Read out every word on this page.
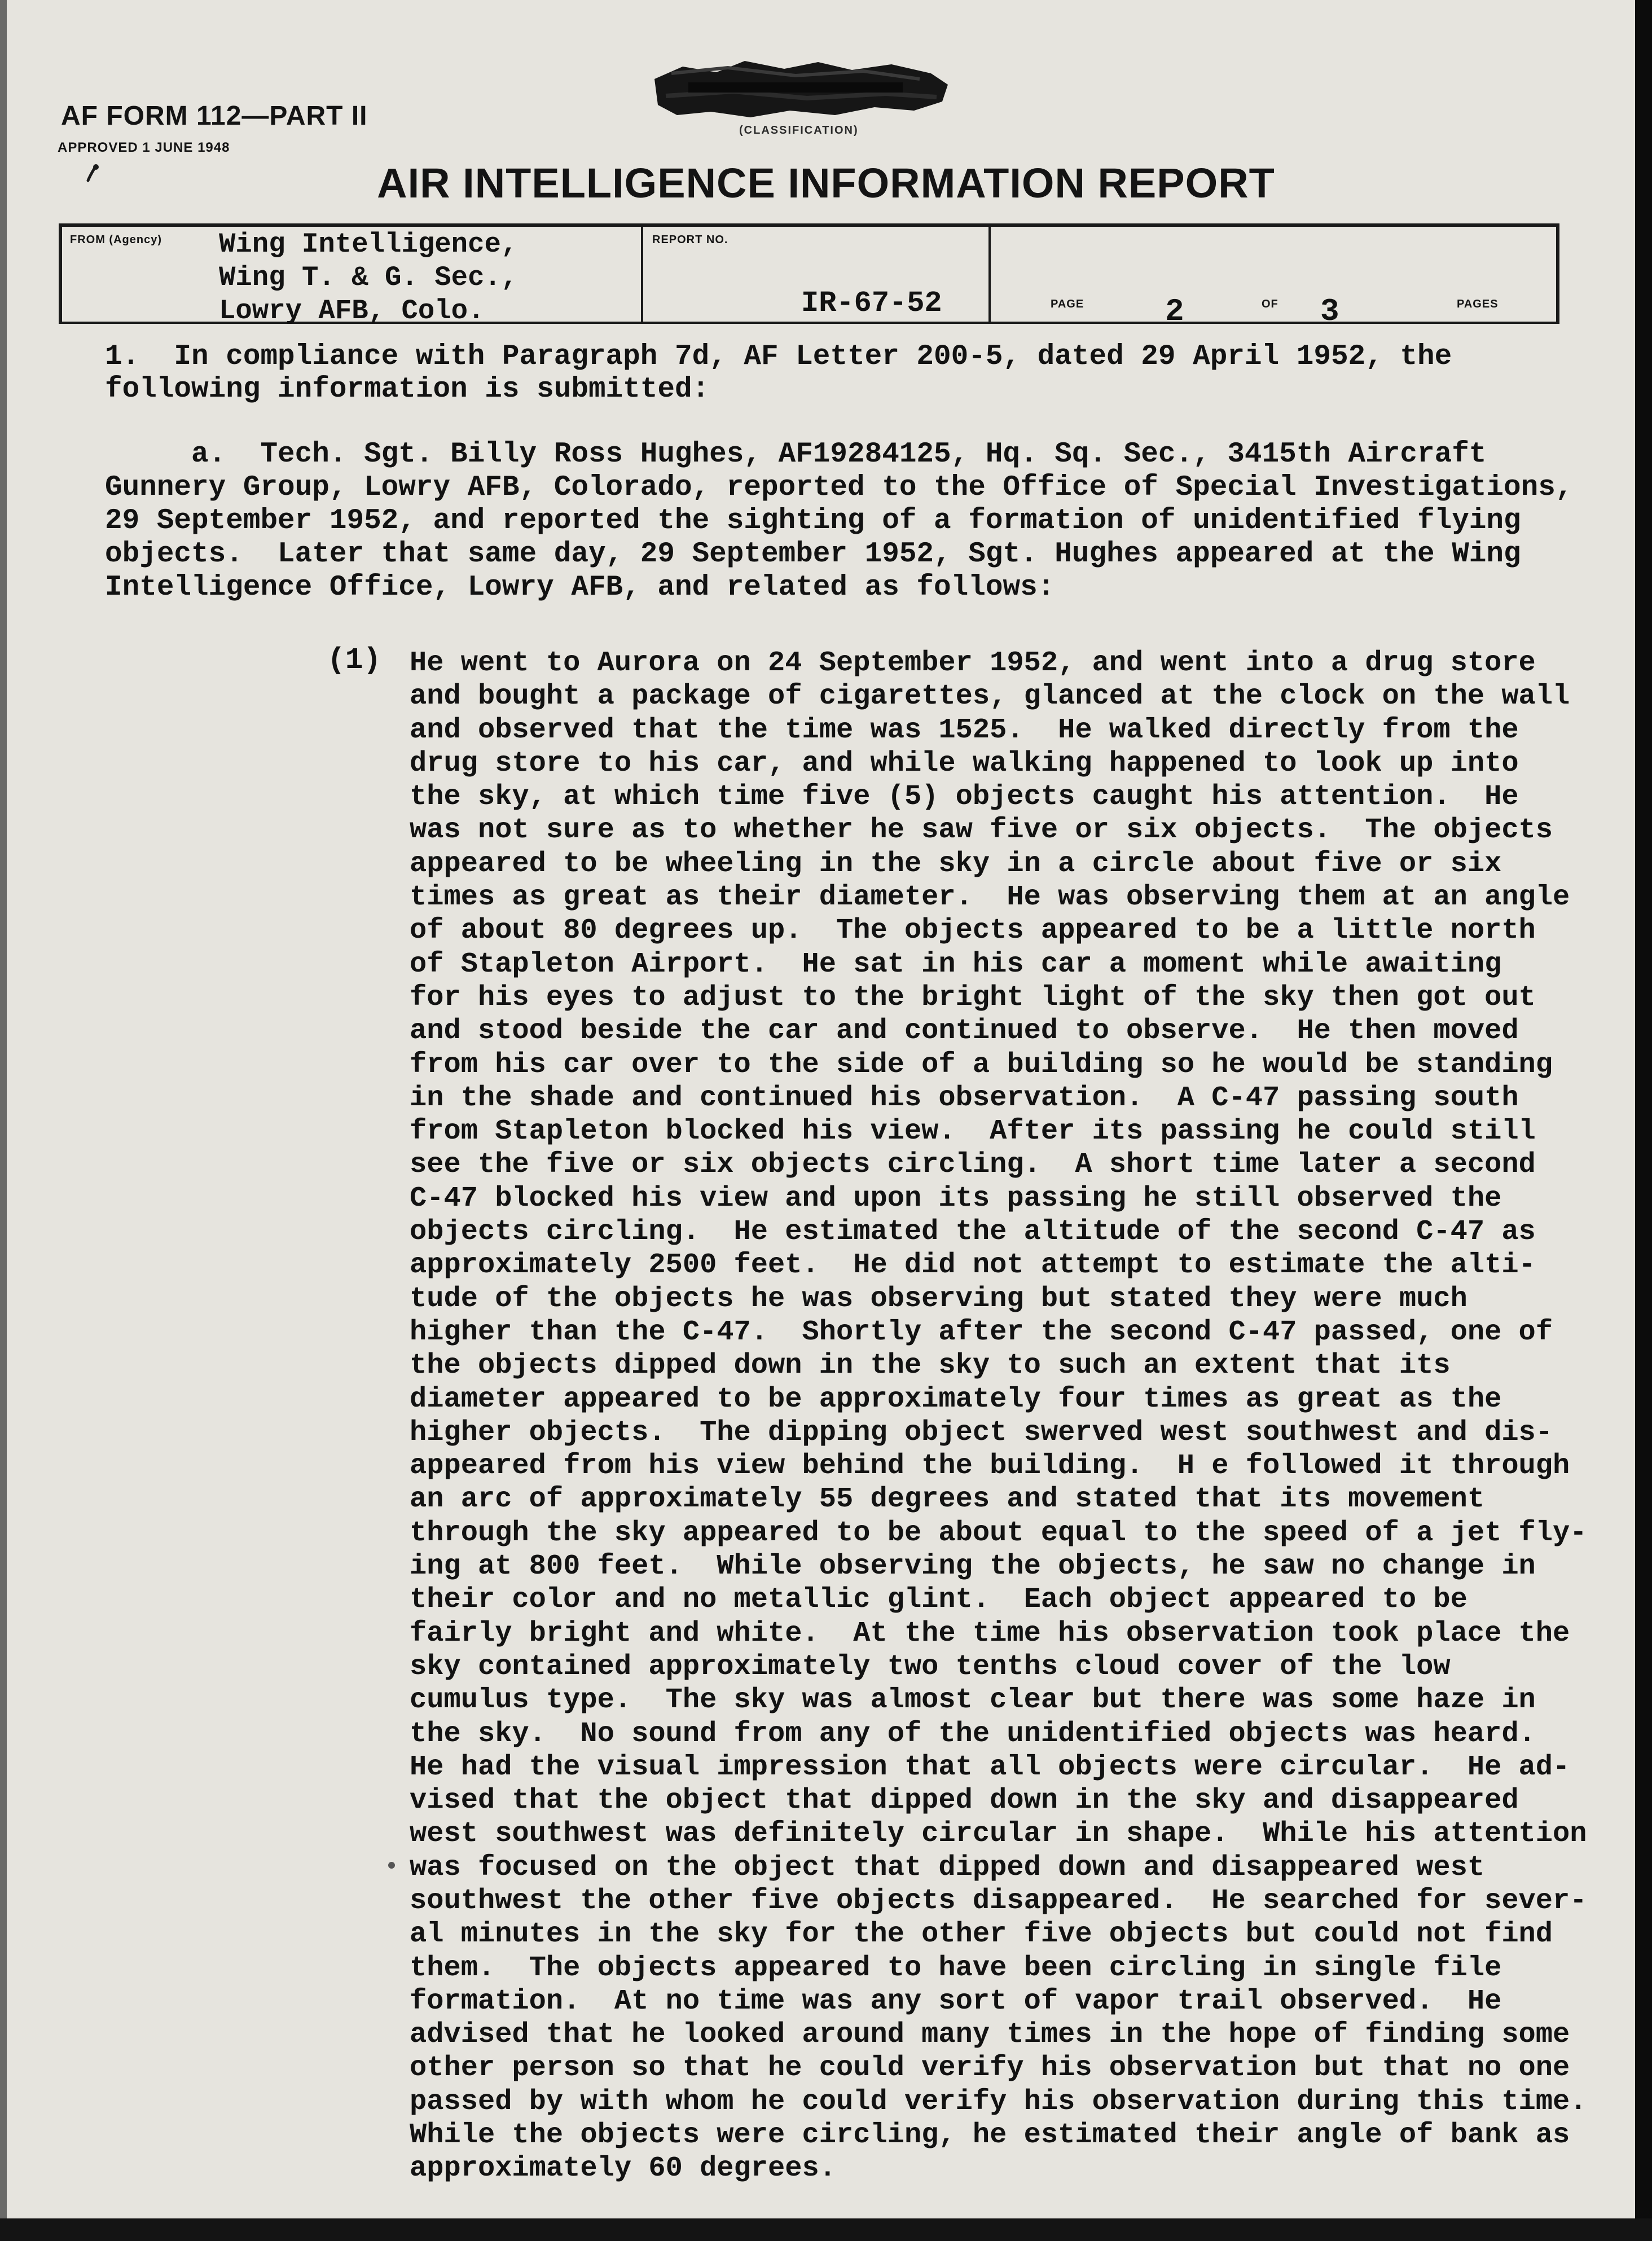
AF FORM 112—PART II
APPROVED 1 JUNE 1948
(CLASSIFICATION)
AIR INTELLIGENCE INFORMATION REPORT
FROM (Agency) Wing Intelligence,
Wing T. & G. Sec.,
Lowry AFB, Colo.
REPORT NO.
IR-67-52	PAGE	2	OF 3	PAGES
1.  In compliance with Paragraph 7d, AF Letter 200-5, dated 29 April 1952, the
following information is submitted:
a.  Tech. Sgt. Billy Ross Hughes, AF19284125, Hq. Sq. Sec., 3415th Aircraft
Gunnery Group, Lowry AFB, Colorado, reported to the Office of Special Investigations,
29 September 1952, and reported the sighting of a formation of unidentified flying
objects.  Later that same day, 29 September 1952, Sgt. Hughes appeared at the Wing
Intelligence Office, Lowry AFB, and related as follows:
(1) He went to Aurora on 24 September 1952, and went into a drug store
and bought a package of cigarettes, glanced at the clock on the wall
and observed that the time was 1525.  He walked directly from the
drug store to his car, and while walking happened to look up into
the sky, at which time five (5) objects caught his attention.  He
was not sure as to whether he saw five or six objects.  The objects
appeared to be wheeling in the sky in a circle about five or six
times as great as their diameter.  He was observing them at an angle
of about 80 degrees up.  The objects appeared to be a little north
of Stapleton Airport.  He sat in his car a moment while awaiting
for his eyes to adjust to the bright light of the sky then got out
and stood beside the car and continued to observe.  He then moved
from his car over to the side of a building so he would be standing
in the shade and continued his observation.  A C-47 passing south
from Stapleton blocked his view.  After its passing he could still
see the five or six objects circling.  A short time later a second
C-47 blocked his view and upon its passing he still observed the
objects circling.  He estimated the altitude of the second C-47 as
approximately 2500 feet.  He did not attempt to estimate the alti-
tude of the objects he was observing but stated they were much
higher than the C-47.  Shortly after the second C-47 passed, one of
the objects dipped down in the sky to such an extent that its
diameter appeared to be approximately four times as great as the
higher objects.  The dipping object swerved west southwest and dis-
appeared from his view behind the building.  H e followed it through
an arc of approximately 55 degrees and stated that its movement
through the sky appeared to be about equal to the speed of a jet fly-
ing at 800 feet.  While observing the objects, he saw no change in
their color and no metallic glint.  Each object appeared to be
fairly bright and white.  At the time his observation took place the
sky contained approximately two tenths cloud cover of the low
cumulus type.  The sky was almost clear but there was some haze in
the sky.  No sound from any of the unidentified objects was heard.
He had the visual impression that all objects were circular.  He ad-
vised that the object that dipped down in the sky and disappeared
west southwest was definitely circular in shape.  While his attention
was focused on the object that dipped down and disappeared west
southwest the other five objects disappeared.  He searched for sever-
al minutes in the sky for the other five objects but could not find
them.  The objects appeared to have been circling in single file
formation.  At no time was any sort of vapor trail observed.  He
advised that he looked around many times in the hope of finding some
other person so that he could verify his observation but that no one
passed by with whom he could verify his observation during this time.
While the objects were circling, he estimated their angle of bank as
approximately 60 degrees.
